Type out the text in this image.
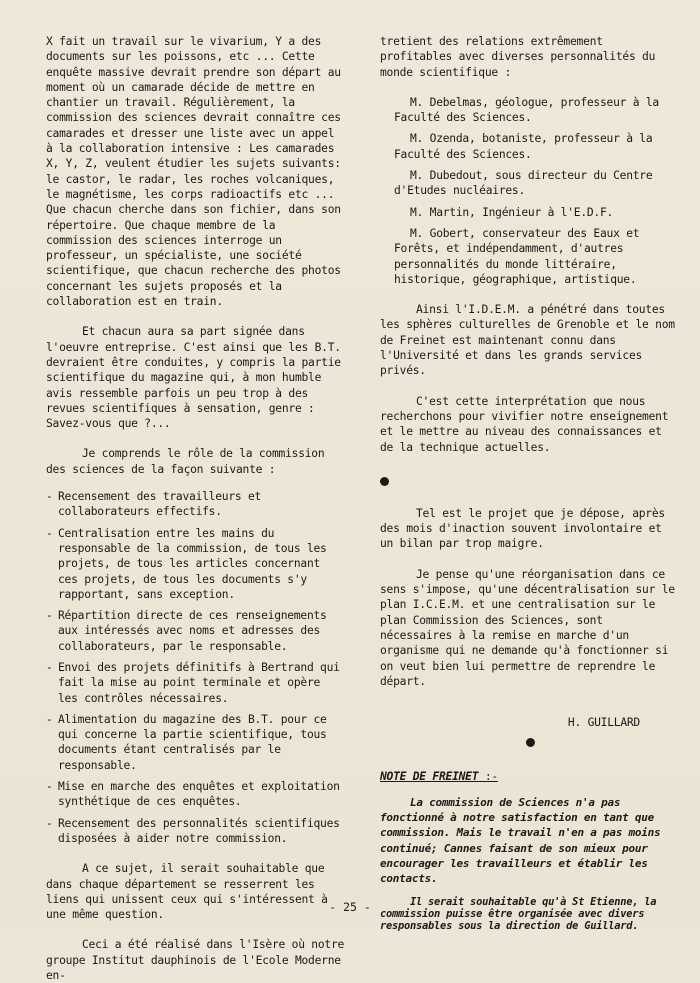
X fait un travail sur le vivarium, Y a des documents sur les poissons, etc ... Cette enquête massive devrait prendre son départ au moment où un camarade décide de mettre en chantier un travail. Régulièrement, la commission des sciences devrait connaître ces camarades et dresser une liste avec un appel à la collaboration intensive : Les camarades X, Y, Z, veulent étudier les sujets suivants: le castor, le radar, les roches volcaniques, le magnétisme, les corps radioactifs etc ... Que chacun cherche dans son fichier, dans son répertoire. Que chaque membre de la commission des sciences interroge un professeur, un spécialiste, une société scientifique, que chacun recherche des photos concernant les sujets proposés et la collaboration est en train.

Et chacun aura sa part signée dans l'oeuvre entreprise. C'est ainsi que les B.T. devraient être conduites, y compris la partie scientifique du magazine qui, à mon humble avis ressemble parfois un peu trop à des revues scientifiques à sensation, genre : Savez-vous que ?...

Je comprends le rôle de la commission des sciences de la façon suivante :

- Recensement des travailleurs et collaborateurs effectifs.
- Centralisation entre les mains du responsable de la commission, de tous les projets, de tous les articles concernant ces projets, de tous les documents s'y rapportant, sans exception.
- Répartition directe de ces renseignements aux intéressés avec noms et adresses des collaborateurs, par le responsable.
- Envoi des projets définitifs à Bertrand qui fait la mise au point terminale et opère les contrôles nécessaires.
- Alimentation du magazine des B.T. pour ce qui concerne la partie scientifique, tous documents étant centralisés par le responsable.
- Mise en marche des enquêtes et exploitation synthétique de ces enquêtes.
- Recensement des personnalités scientifiques disposées à aider notre commission.

A ce sujet, il serait souhaitable que dans chaque département se resserrent les liens qui unissent ceux qui s'intéressent à une même question.

Ceci a été réalisé dans l'Isère où notre groupe Institut dauphinois de l'Ecole Moderne en-

tretient des relations extrêmement profitables avec diverses personnalités du monde scientifique :

M. Debelmas, géologue, professeur à la Faculté des Sciences.

M. Ozenda, botaniste, professeur à la Faculté des Sciences.

M. Dubedout, sous directeur du Centre d'Etudes nucléaires.

M. Martin, Ingénieur à l'E.D.F.

M. Gobert, conservateur des Eaux et Forêts, et indépendamment, d'autres personnalités du monde littéraire, historique, géographique, artistique.

Ainsi l'I.D.E.M. a pénétré dans toutes les sphères culturelles de Grenoble et le nom de Freinet est maintenant connu dans l'Université et dans les grands services privés.

C'est cette interprétation que nous recherchons pour vivifier notre enseignement et le mettre au niveau des connaissances et de la technique actuelles.

Tel est le projet que je dépose, après des mois d'inaction souvent involontaire et un bilan par trop maigre.

Je pense qu'une réorganisation dans ce sens s'impose, qu'une décentralisation sur le plan I.C.E.M. et une centralisation sur le plan Commission des Sciences, sont nécessaires à la remise en marche d'un organisme qui ne demande qu'à fonctionner si on veut bien lui permettre de reprendre le départ.

H. GUILLARD

NOTE DE FREINET :-

La commission de Sciences n'a pas fonctionné à notre satisfaction en tant que commission. Mais le travail n'en a pas moins continué; Cannes faisant de son mieux pour encourager les travailleurs et établir les contacts.

Il serait souhaitable qu'à St Etienne, la commission puisse être organisée avec divers responsables sous la direction de Guillard.

- 25 -
